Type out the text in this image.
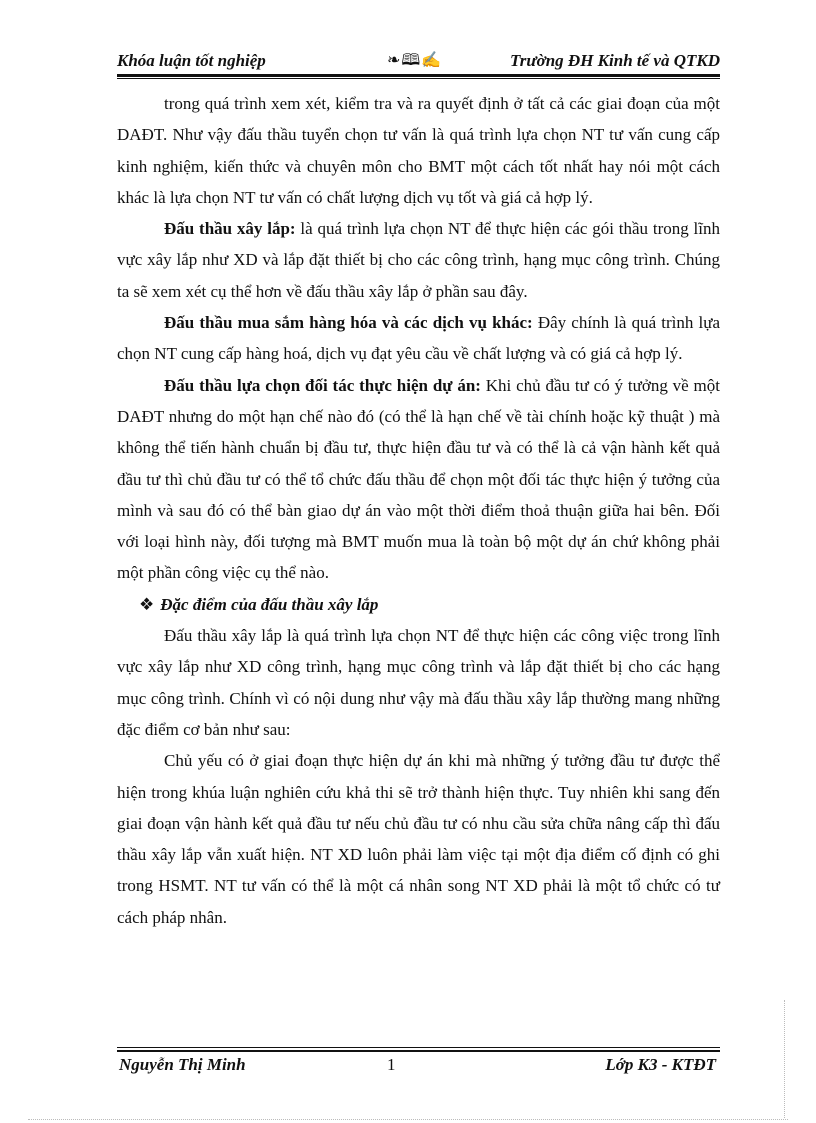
Khóa luận tốt nghiệp	❧🕮✍	Trường ĐH Kinh tế và QTKD

trong quá trình xem xét, kiểm tra và ra quyết định ở tất cả các giai đoạn của một DAĐT. Như vậy đấu thầu tuyển chọn tư vấn là quá trình lựa chọn NT tư vấn cung cấp kinh nghiệm, kiến thức và chuyên môn cho BMT một cách tốt nhất hay nói một cách khác là lựa chọn NT tư vấn có chất lượng dịch vụ tốt và giá cả hợp lý.

Đấu thầu xây lắp: là quá trình lựa chọn NT để thực hiện các gói thầu trong lĩnh vực xây lắp như XD và lắp đặt thiết bị cho các công trình, hạng mục công trình. Chúng ta sẽ xem xét cụ thể hơn về đấu thầu xây lắp ở phần sau đây.

Đấu thầu mua sắm hàng hóa và các dịch vụ khác: Đây chính là quá trình lựa chọn NT cung cấp hàng hoá, dịch vụ đạt yêu cầu về chất lượng và có giá cả hợp lý.

Đấu thầu lựa chọn đối tác thực hiện dự án: Khi chủ đầu tư có ý tưởng về một DAĐT nhưng do một hạn chế nào đó (có thể là hạn chế về tài chính hoặc kỹ thuật ) mà không thể tiến hành chuẩn bị đầu tư, thực hiện đầu tư và có thể là cả vận hành kết quả đầu tư thì chủ đầu tư có thể tổ chức đấu thầu để chọn một đối tác thực hiện ý tưởng của mình và sau đó có thể bàn giao dự án vào một thời điểm thoả thuận giữa hai bên. Đối với loại hình này, đối tượng mà BMT muốn mua là toàn bộ một dự án chứ không phải một phần công việc cụ thể nào.

❖ Đặc điểm của đấu thầu xây lắp

Đấu thầu xây lắp là quá trình lựa chọn NT để thực hiện các công việc trong lĩnh vực xây lắp như XD công trình, hạng mục công trình và lắp đặt thiết bị cho các hạng mục công trình. Chính vì có nội dung như vậy mà đấu thầu xây lắp thường mang những đặc điểm cơ bản như sau:

Chủ yếu có ở giai đoạn thực hiện dự án khi mà những ý tưởng đầu tư được thể hiện trong khúa luận nghiên cứu khả thi sẽ trở thành hiện thực. Tuy nhiên khi sang đến giai đoạn vận hành kết quả đầu tư nếu chủ đầu tư có nhu cầu sửa chữa nâng cấp thì đấu thầu xây lắp vẫn xuất hiện. NT XD luôn phải làm việc tại một địa điểm cố định có ghi trong HSMT. NT tư vấn có thể là một cá nhân song NT XD phải là một tổ chức có tư cách pháp nhân.

Nguyễn Thị Minh	1	Lớp K3 - KTĐT
